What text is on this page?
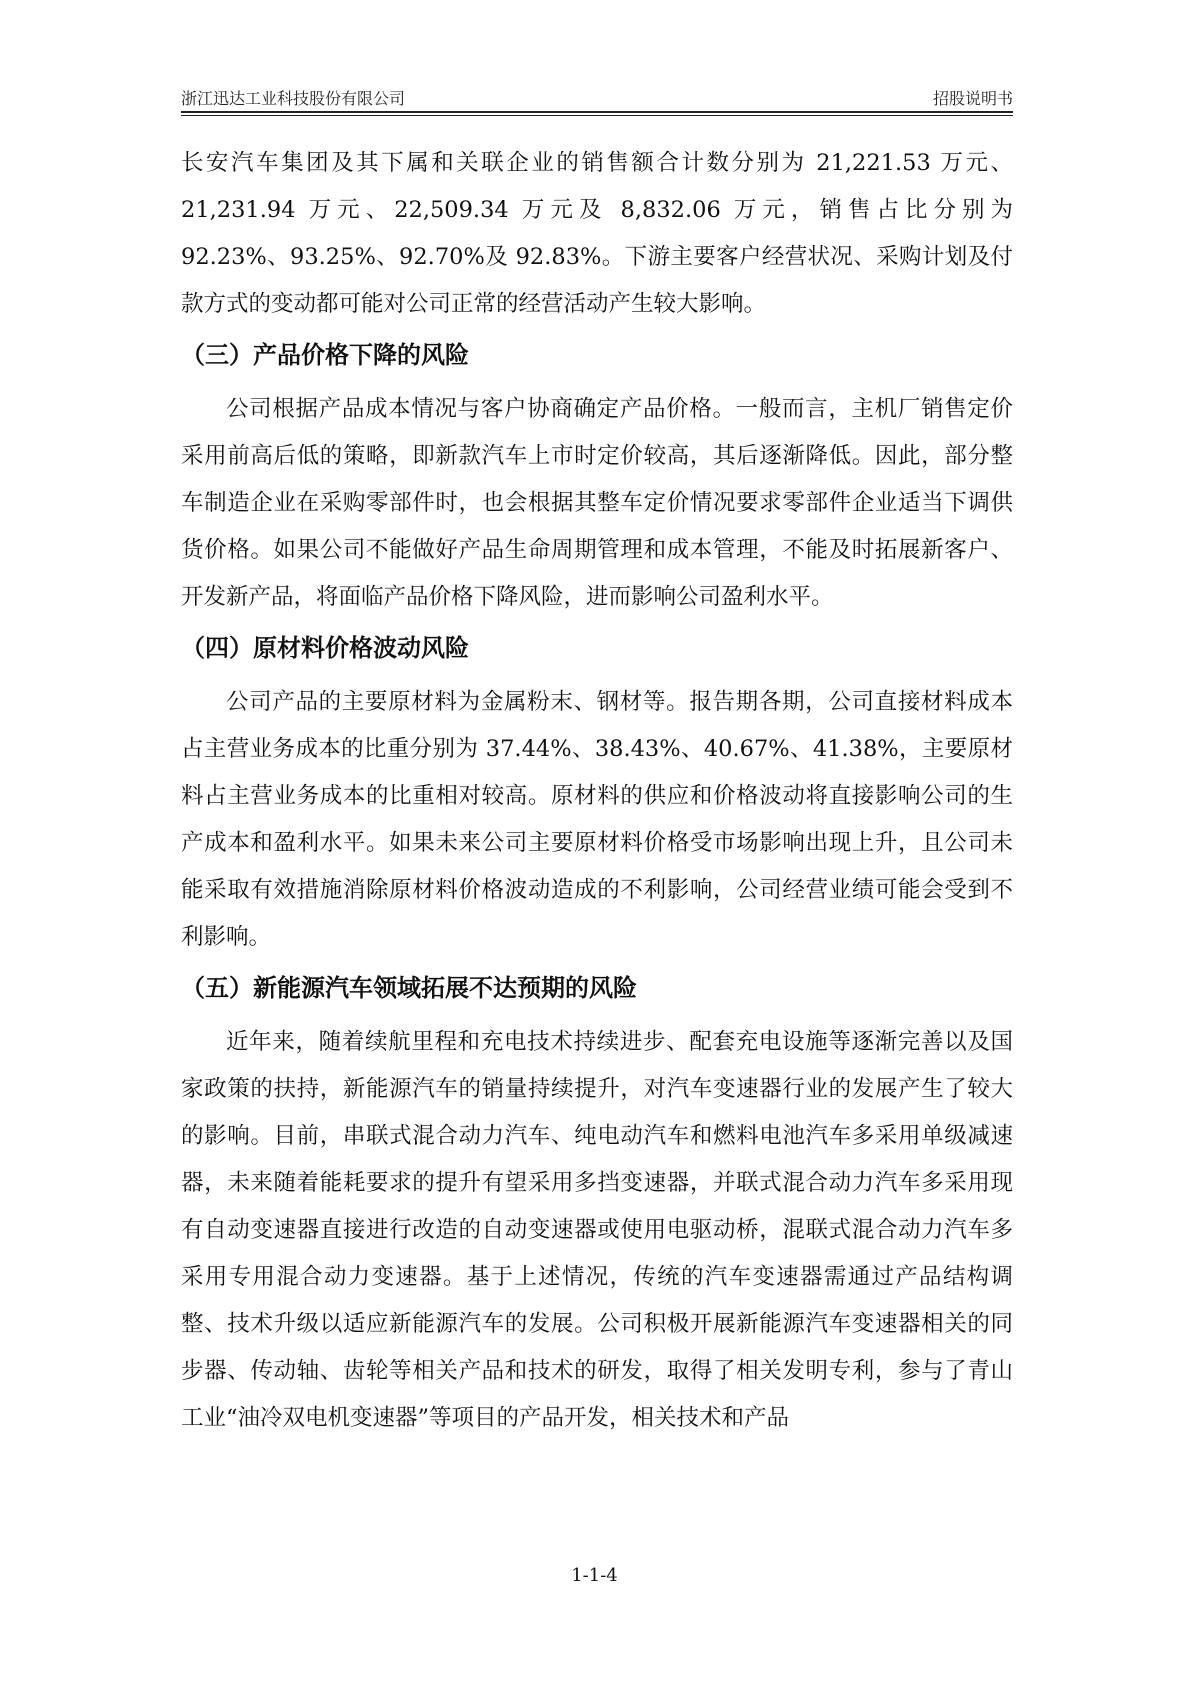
浙江迅达工业科技股份有限公司	招股说明书

长安汽车集团及其下属和关联企业的销售额合计数分别为 21,221.53 万元、21,231.94 万元、22,509.34 万元及 8,832.06 万元，销售占比分别为 92.23%、93.25%、92.70%及 92.83%。下游主要客户经营状况、采购计划及付款方式的变动都可能对公司正常的经营活动产生较大影响。

（三）产品价格下降的风险

公司根据产品成本情况与客户协商确定产品价格。一般而言，主机厂销售定价采用前高后低的策略，即新款汽车上市时定价较高，其后逐渐降低。因此，部分整车制造企业在采购零部件时，也会根据其整车定价情况要求零部件企业适当下调供货价格。如果公司不能做好产品生命周期管理和成本管理，不能及时拓展新客户、开发新产品，将面临产品价格下降风险，进而影响公司盈利水平。

（四）原材料价格波动风险

公司产品的主要原材料为金属粉末、钢材等。报告期各期，公司直接材料成本占主营业务成本的比重分别为 37.44%、38.43%、40.67%、41.38%，主要原材料占主营业务成本的比重相对较高。原材料的供应和价格波动将直接影响公司的生产成本和盈利水平。如果未来公司主要原材料价格受市场影响出现上升，且公司未能采取有效措施消除原材料价格波动造成的不利影响，公司经营业绩可能会受到不利影响。

（五）新能源汽车领域拓展不达预期的风险

近年来，随着续航里程和充电技术持续进步、配套充电设施等逐渐完善以及国家政策的扶持，新能源汽车的销量持续提升，对汽车变速器行业的发展产生了较大的影响。目前，串联式混合动力汽车、纯电动汽车和燃料电池汽车多采用单级减速器，未来随着能耗要求的提升有望采用多挡变速器，并联式混合动力汽车多采用现有自动变速器直接进行改造的自动变速器或使用电驱动桥，混联式混合动力汽车多采用专用混合动力变速器。基于上述情况，传统的汽车变速器需通过产品结构调整、技术升级以适应新能源汽车的发展。公司积极开展新能源汽车变速器相关的同步器、传动轴、齿轮等相关产品和技术的研发，取得了相关发明专利，参与了青山工业“油冷双电机变速器”等项目的产品开发，相关技术和产品

1-1-4
